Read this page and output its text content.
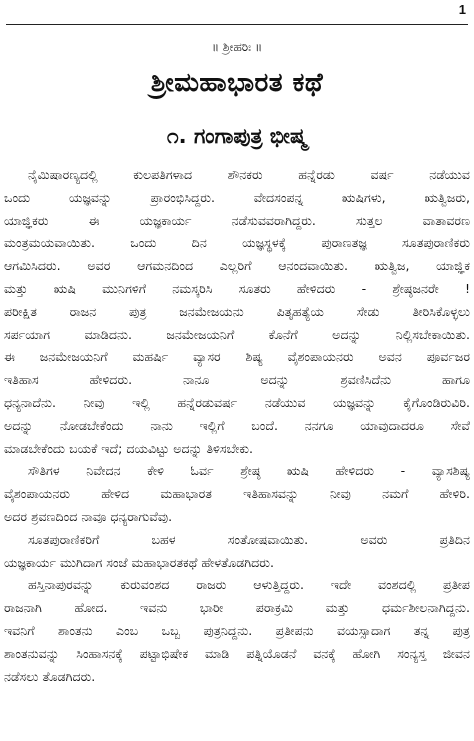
1
॥ ಶ್ರೀಹರಿಃ ॥
ಶ್ರೀಮಹಾಭಾರತ ಕಥೆ
೧. ಗಂಗಾಪುತ್ರ ಭೀಷ್ಮ
ನೈಮಿಷಾರಣ್ಯದಲ್ಲಿ ಕುಲಪತಿಗಳಾದ ಶೌನಕರು ಹನ್ನೆರಡು ವರ್ಷ ನಡೆಯುವ
ಒಂದು ಯಜ್ಞವನ್ನು ಪ್ರಾರಂಭಿಸಿದ್ದರು. ವೇದಸಂಪನ್ನ ಋಷಿಗಳು, ಋತ್ವಿಜರು,
ಯಾಜ್ಞಿಕರು ಈ ಯಜ್ಞಕಾರ್ಯ ನಡೆಸುವವರಾಗಿದ್ದರು. ಸುತ್ತಲ ವಾತಾವರಣ
ಮಂತ್ರಮಯವಾಯಿತು. ಒಂದು ದಿನ ಯಜ್ಞಸ್ಥಳಕ್ಕೆ ಪುರಾಣತಜ್ಞ ಸೂತಪುರಾಣಿಕರು
ಆಗಮಿಸಿದರು. ಅವರ ಆಗಮನದಿಂದ ಎಲ್ಲರಿಗೆ ಆನಂದವಾಯಿತು. ಋತ್ವಿಜ, ಯಾಜ್ಞಿಕ
ಮತ್ತು ಋಷಿ ಮುನಿಗಳಿಗೆ ನಮಸ್ಕರಿಸಿ ಸೂತರು ಹೇಳಿದರು - ಶ್ರೇಷ್ಠಜನರೇ !
ಪರೀಕ್ಷಿತ ರಾಜನ ಪುತ್ರ ಜನಮೇಜಯನು ಪಿತೃಹತ್ಯೆಯ ಸೇಡು ತೀರಿಸಿಕೊಳ್ಳಲು
ಸರ್ಪಯಾಗ ಮಾಡಿದನು. ಜನಮೇಜಯನಿಗೆ ಕೊನೆಗೆ ಅದನ್ನು ನಿಲ್ಲಿಸಬೇಕಾಯಿತು.
ಈ ಜನಮೇಜಯನಿಗೆ ಮಹರ್ಷಿ ವ್ಯಾಸರ ಶಿಷ್ಯ ವೈಶಂಪಾಯನರು ಅವನ ಪೂರ್ವಜರ
ಇತಿಹಾಸ ಹೇಳಿದರು. ನಾನೂ ಅದನ್ನು ಶ್ರವಣಿಸಿದೆನು ಹಾಗೂ
ಧನ್ಯನಾದೆನು. ನೀವು ಇಲ್ಲಿ ಹನ್ನೆರಡುವರ್ಷ ನಡೆಯುವ ಯಜ್ಞವನ್ನು ಕೈಗೊಂಡಿರುವಿರಿ.
ಅದನ್ನು ನೋಡಬೇಕೆಂದು ನಾನು ಇಲ್ಲಿಗೆ ಬಂದೆ. ನನಗೂ ಯಾವುದಾದರೂ ಸೇವೆ
ಮಾಡಬೇಕೆಂದು ಬಯಕೆ ಇದೆ; ದಯವಿಟ್ಟು ಅದನ್ನು ತಿಳಿಸಬೇಕು.
ಸೌತಿಗಳ ನಿವೇದನ ಕೇಳಿ ಓರ್ವ ಶ್ರೇಷ್ಠ ಋಷಿ ಹೇಳಿದರು - ವ್ಯಾಸಶಿಷ್ಯ
ವೈಶಂಪಾಯನರು ಹೇಳಿದ ಮಹಾಭಾರತ ಇತಿಹಾಸವನ್ನು ನೀವು ನಮಗೆ ಹೇಳಿರಿ.
ಅದರ ಶ್ರವಣದಿಂದ ನಾವೂ ಧನ್ಯರಾಗುವೆವು.
ಸೂತಪುರಾಣಿಕರಿಗೆ ಬಹಳ ಸಂತೋಷವಾಯಿತು. ಅವರು ಪ್ರತಿದಿನ
ಯಜ್ಞಕಾರ್ಯ ಮುಗಿದಾಗ ಸಂಜೆ ಮಹಾಭಾರತಕಥೆ ಹೇಳತೊಡಗಿದರು.
ಹಸ್ತಿನಾಪುರವನ್ನು ಕುರುವಂಶದ ರಾಜರು ಆಳುತ್ತಿದ್ದರು. ಇದೇ ವಂಶದಲ್ಲಿ ಪ್ರತೀಪ
ರಾಜನಾಗಿ ಹೋದ. ಇವನು ಭಾರೀ ಪರಾಕ್ರಮಿ ಮತ್ತು ಧರ್ಮಶೀಲನಾಗಿದ್ದನು.
ಇವನಿಗೆ ಶಾಂತನು ಎಂಬ ಒಬ್ಬ ಪುತ್ರನಿದ್ದನು. ಪ್ರತೀಪನು ವಯಸ್ಸಾದಾಗ ತನ್ನ ಪುತ್ರ
ಶಾಂತನುವನ್ನು ಸಿಂಹಾಸನಕ್ಕೆ ಪಟ್ಟಾಭಿಷೇಕ ಮಾಡಿ ಪತ್ನಿಯೊಡನೆ ವನಕ್ಕೆ ಹೋಗಿ ಸಂನ್ಯಸ್ತ ಜೀವನ
ನಡೆಸಲು ತೊಡಗಿದರು.
